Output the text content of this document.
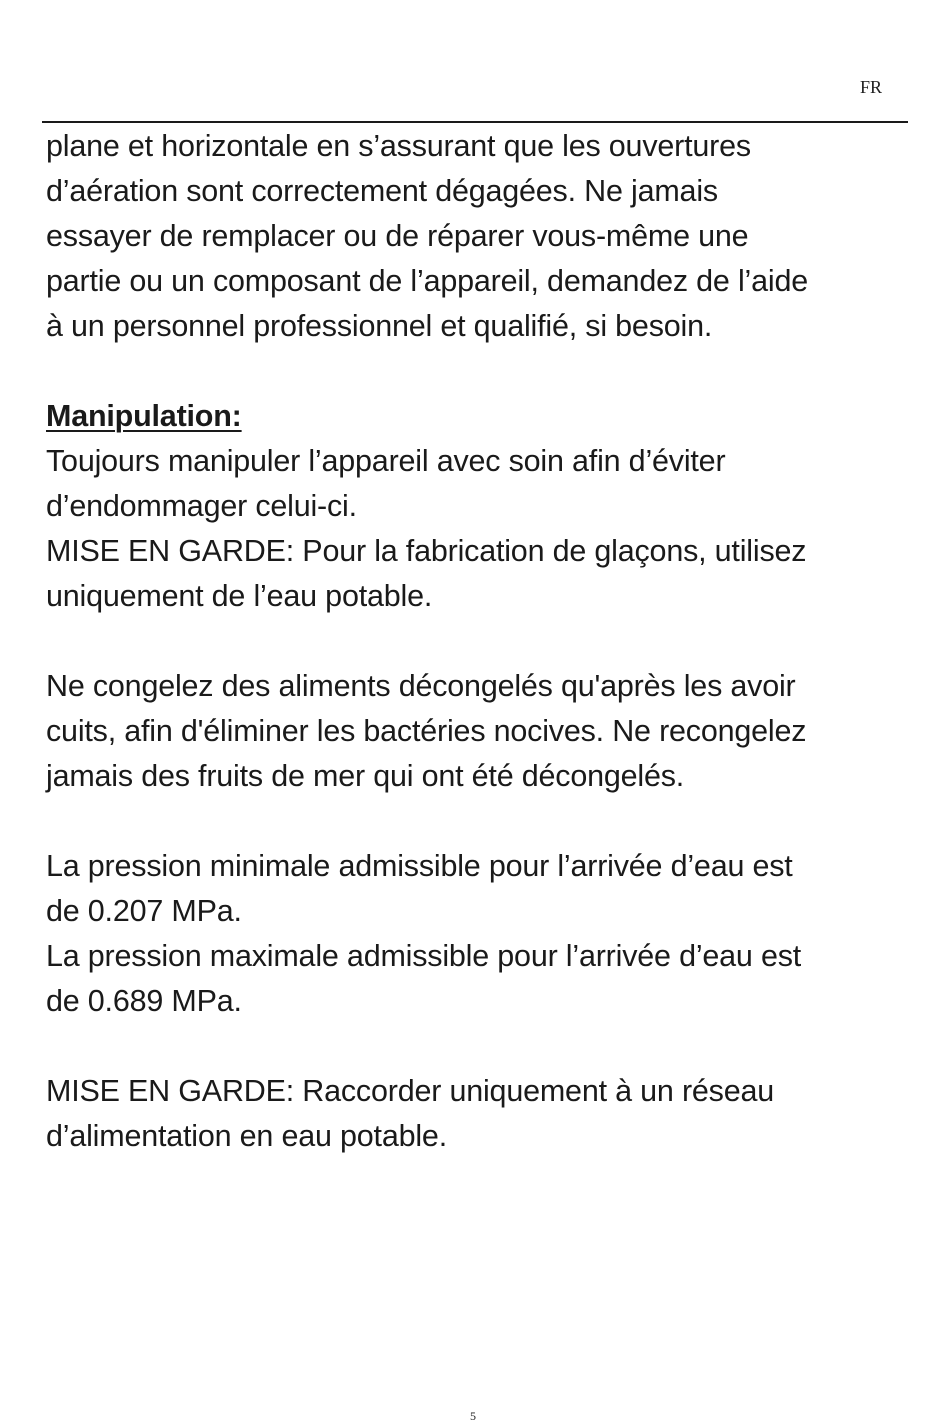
FR
plane et horizontale en s’assurant que les ouvertures
d’aération sont correctement dégagées. Ne jamais
essayer de remplacer ou de réparer vous-même une
partie ou un composant de l’appareil, demandez de l’aide
à un personnel professionnel et qualifié, si besoin.
Manipulation:
Toujours manipuler l’appareil avec soin afin d’éviter
d’endommager celui-ci.
MISE EN GARDE: Pour la fabrication de glaçons, utilisez
uniquement de l’eau potable.
Ne congelez des aliments décongelés qu'après les avoir
cuits, afin d'éliminer les bactéries nocives. Ne recongelez
jamais des fruits de mer qui ont été décongelés.
La pression minimale admissible pour l’arrivée d’eau est
de 0.207 MPa.
La pression maximale admissible pour l’arrivée d’eau est
de 0.689 MPa.
MISE EN GARDE: Raccorder uniquement à un réseau
d’alimentation en eau potable.
5
